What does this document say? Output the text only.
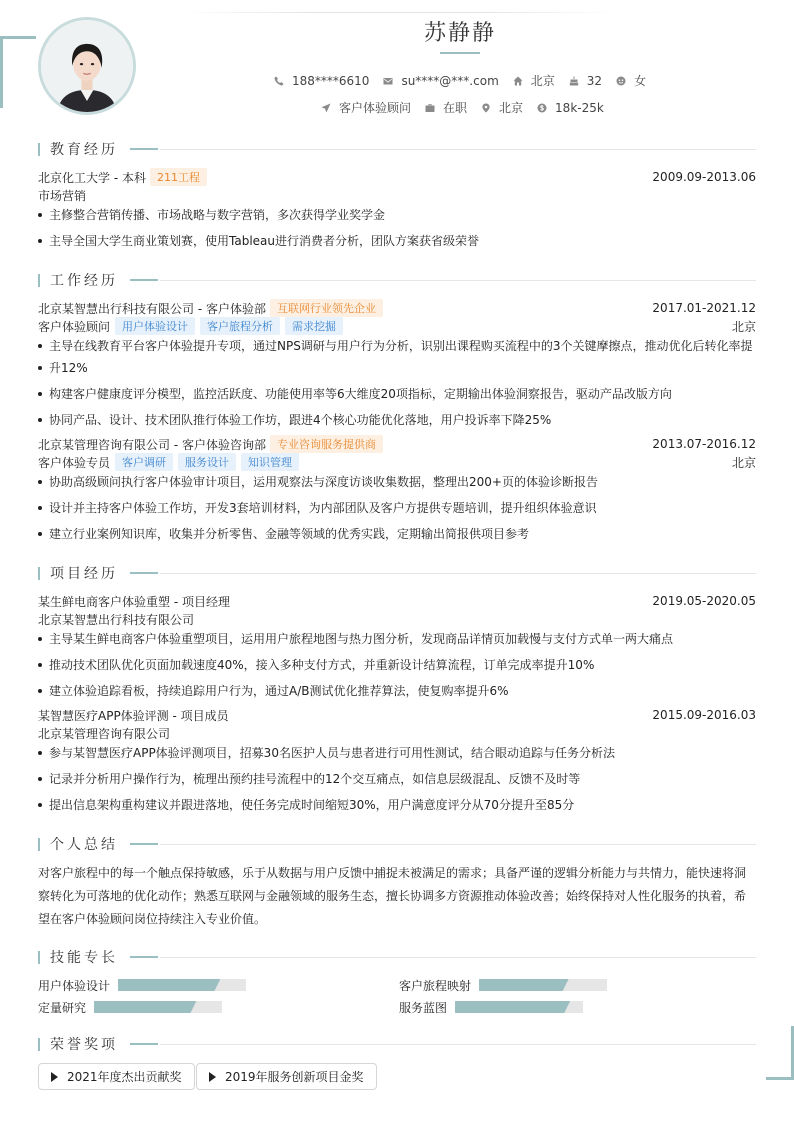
苏静静
188****6610	su****@***.com	北京	32	女
客户体验顾问	在职	北京	18k-25k
教育经历
北京化工大学 - 本科	211工程	2009.09-2013.06
市场营销
主修整合营销传播、市场战略与数字营销，多次获得学业奖学金
主导全国大学生商业策划赛，使用Tableau进行消费者分析，团队方案获省级荣誉
工作经历
北京某智慧出行科技有限公司 - 客户体验部	互联网行业领先企业	2017.01-2021.12
客户体验顾问	用户体验设计	客户旅程分析	需求挖掘	北京
主导在线教育平台客户体验提升专项，通过NPS调研与用户行为分析，识别出课程购买流程中的3个关键摩擦点，推动优化后转化率提
升12%
构建客户健康度评分模型，监控活跃度、功能使用率等6大维度20项指标，定期输出体验洞察报告，驱动产品改版方向
协同产品、设计、技术团队推行体验工作坊，跟进4个核心功能优化落地，用户投诉率下降25%
北京某管理咨询有限公司 - 客户体验咨询部	专业咨询服务提供商	2013.07-2016.12
客户体验专员	客户调研	服务设计	知识管理	北京
协助高级顾问执行客户体验审计项目，运用观察法与深度访谈收集数据，整理出200+页的体验诊断报告
设计并主持客户体验工作坊，开发3套培训材料，为内部团队及客户方提供专题培训，提升组织体验意识
建立行业案例知识库，收集并分析零售、金融等领域的优秀实践，定期输出简报供项目参考
项目经历
某生鲜电商客户体验重塑 - 项目经理	2019.05-2020.05
北京某智慧出行科技有限公司
主导某生鲜电商客户体验重塑项目，运用用户旅程地图与热力图分析，发现商品详情页加载慢与支付方式单一两大痛点
推动技术团队优化页面加载速度40%，接入多种支付方式，并重新设计结算流程，订单完成率提升10%
建立体验追踪看板，持续追踪用户行为，通过A/B测试优化推荐算法，使复购率提升6%
某智慧医疗APP体验评测 - 项目成员	2015.09-2016.03
北京某管理咨询有限公司
参与某智慧医疗APP体验评测项目，招募30名医护人员与患者进行可用性测试，结合眼动追踪与任务分析法
记录并分析用户操作行为，梳理出预约挂号流程中的12个交互痛点，如信息层级混乱、反馈不及时等
提出信息架构重构建议并跟进落地，使任务完成时间缩短30%，用户满意度评分从70分提升至85分
个人总结
对客户旅程中的每一个触点保持敏感，乐于从数据与用户反馈中捕捉未被满足的需求；具备严谨的逻辑分析能力与共情力，能快速将洞察转化为可落地的优化动作；熟悉互联网与金融领域的服务生态，擅长协调多方资源推动体验改善；始终保持对人性化服务的执着，希望在客户体验顾问岗位持续注入专业价值。
技能专长
用户体验设计	客户旅程映射
定量研究	服务蓝图
荣誉奖项
2021年度杰出贡献奖	2019年服务创新项目金奖
